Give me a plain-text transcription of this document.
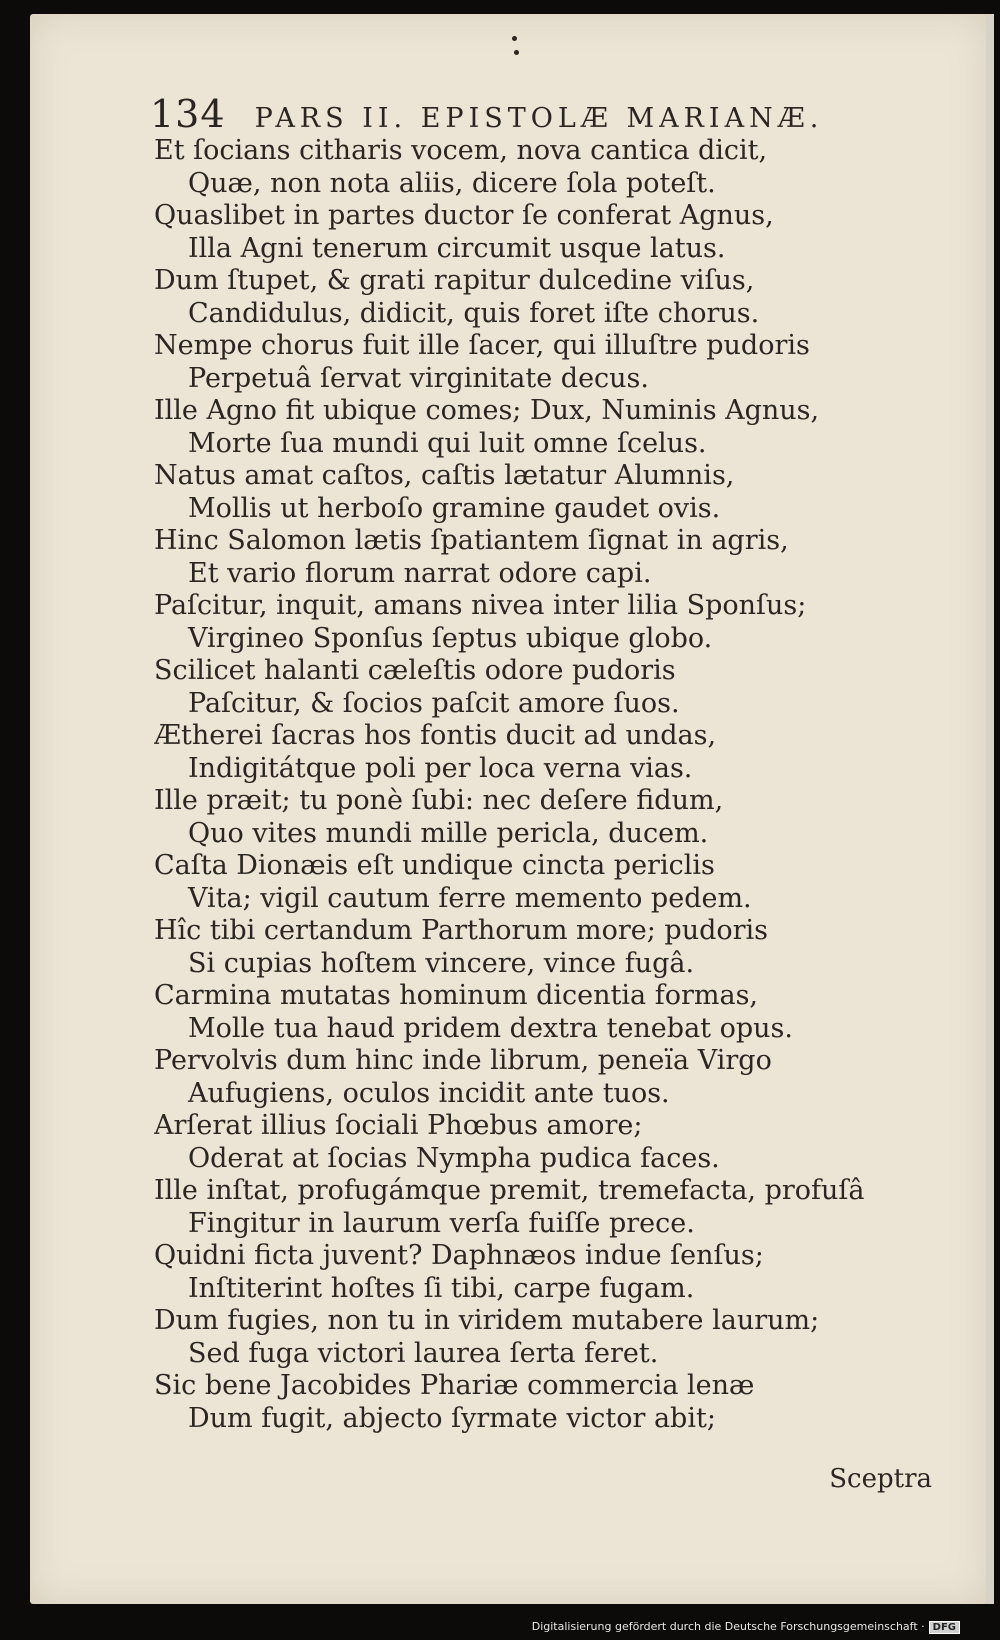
134 PARS II. EPISTOLÆ MARIANÆ.
Et ſocians citharis vocem, nova cantica dicit,
Quæ, non nota aliis, dicere ſola poteſt.
Quaslibet in partes ductor ſe conferat Agnus,
Illa Agni tenerum circumit usque latus.
Dum ſtupet, & grati rapitur dulcedine viſus,
Candidulus, didicit, quis foret iſte chorus.
Nempe chorus fuit ille ſacer, qui illuſtre pudoris
Perpetuâ ſervat virginitate decus.
Ille Agno fit ubique comes; Dux, Numinis Agnus,
Morte ſua mundi qui luit omne ſcelus.
Natus amat caſtos, caſtis lætatur Alumnis,
Mollis ut herboſo gramine gaudet ovis.
Hinc Salomon lætis ſpatiantem ſignat in agris,
Et vario florum narrat odore capi.
Paſcitur, inquit, amans nivea inter lilia Sponſus;
Virgineo Sponſus ſeptus ubique globo.
Scilicet halanti cæleſtis odore pudoris
Paſcitur, & ſocios paſcit amore ſuos.
Ætherei ſacras hos fontis ducit ad undas,
Indigitátque poli per loca verna vias.
Ille præit; tu ponè ſubi: nec deſere fidum,
Quo vites mundi mille pericla, ducem.
Caſta Dionæis eſt undique cincta periclis
Vita; vigil cautum ferre memento pedem.
Hîc tibi certandum Parthorum more; pudoris
Si cupias hoſtem vincere, vince fugâ.
Carmina mutatas hominum dicentia formas,
Molle tua haud pridem dextra tenebat opus.
Pervolvis dum hinc inde librum, peneïa Virgo
Aufugiens, oculos incidit ante tuos.
Arſerat illius ſociali Phœbus amore;
Oderat at ſocias Nympha pudica faces.
Ille inſtat, profugámque premit, tremefacta, profuſâ
Fingitur in laurum verſa fuiſſe prece.
Quidni ficta juvent? Daphnæos indue ſenſus;
Inſtiterint hoſtes ſi tibi, carpe fugam.
Dum fugies, non tu in viridem mutabere laurum;
Sed fuga victori laurea ſerta feret.
Sic bene Jacobides Phariæ commercia lenæ
Dum fugit, abjecto ſyrmate victor abit;
Sceptra
Digitalisierung gefördert durch die Deutsche Forschungsgemeinschaft · DFG
